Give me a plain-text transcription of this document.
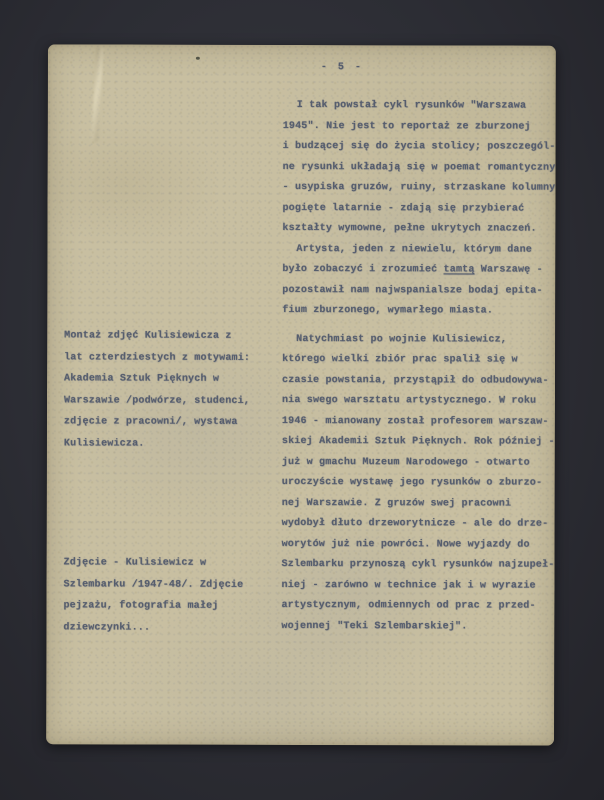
- 5 -
I tak powstał cykl rysunków "Warszawa
1945". Nie jest to reportaż ze zburzonej
i budzącej się do życia stolicy; poszczegól-
ne rysunki układają się w poemat romantyczny
- usypiska gruzów, ruiny, strzaskane kolumny
pogięte latarnie - zdają się przybierać
kształty wymowne, pełne ukrytych znaczeń.
Artysta, jeden z niewielu, którym dane
było zobaczyć i zrozumieć tamtą Warszawę -
pozostawił nam najwspanialsze bodaj epita-
fium zburzonego, wymarłego miasta.
Natychmiast po wojnie Kulisiewicz,
którego wielki zbiór prac spalił się w
czasie powstania, przystąpił do odbudowywa-
nia swego warsztatu artystycznego. W roku
1946 - mianowany został profesorem warszaw-
skiej Akademii Sztuk Pięknych. Rok później -
już w gmachu Muzeum Narodowego - otwarto
uroczyście wystawę jego rysunków o zburzo-
nej Warszawie. Z gruzów swej pracowni
wydobył dłuto drzeworytnicze - ale do drze-
worytów już nie powróci. Nowe wyjazdy do
Szlembarku przynoszą cykl rysunków najzupeł-
niej - zarówno w technice jak i w wyrazie
artystycznym, odmiennych od prac z przed-
wojennej "Teki Szlembarskiej".
Montaż zdjęć Kulisiewicza z
lat czterdziestych z motywami:
Akademia Sztuk Pięknych w
Warszawie /podwórze, studenci,
zdjęcie z pracowni/, wystawa
Kulisiewicza.
Zdjęcie - Kulisiewicz w
Szlembarku /1947-48/. Zdjęcie
pejzażu, fotografia małej
dziewczynki...
